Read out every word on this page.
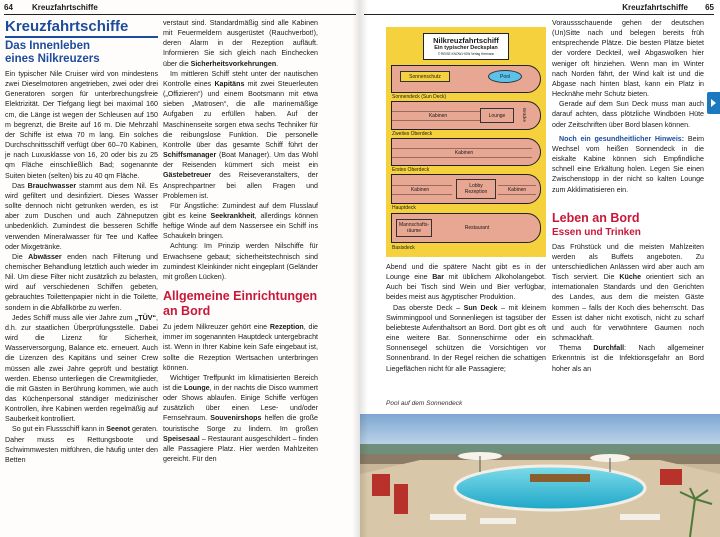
64	Kreuzfahrtschiffe
Kreuzfahrtschiffe
Das Innenleben
eines Nilkreuzers

Ein typischer Nile Cruiser wird von mindestens zwei Dieselmotoren angetrieben, zwei oder drei Generatoren sorgen für unterbrechungsfreie Elektrizität. Der Tiefgang liegt bei maximal 160 cm, die Länge ist wegen der Schleusen auf 150 m begrenzt, die Breite auf 16 m. Die Mehrzahl der Schiffe ist etwa 70 m lang. Ein solches Durchschnittsschiff verfügt über 60–70 Kabinen, je nach Luxusklasse von 16, 20 oder bis zu 25 qm Fläche einschließlich Bad; sogenannte Suiten bieten (selten) bis zu 40 qm Fläche.

Das Brauchwasser stammt aus dem Nil. Es wird gefiltert und desinfiziert. Dieses Wasser sollte dennoch nicht getrunken werden, es ist aber zum Duschen und auch Zähneputzen unbedenklich. Zumindest die besseren Schiffe verwenden Mineralwasser für Tee und Kaffee oder Mixgetränke.

Die Abwässer enden nach Filterung und chemischer Behandlung letztlich auch wieder im Nil. Um diese Filter nicht zusätzlich zu belasten, wird auf verschiedenen Schiffen gebeten, gebrauchtes Toilettenpapier nicht in die Toilette, sondern in die Abfallkörbe zu werfen.

Jedes Schiff muss alle vier Jahre zum „TÜV“, d.h. zur staatlichen Überprüfungsstelle. Dabei wird die Lizenz für Sicherheit, Wasserversorgung, Balance etc. erneuert. Auch die Lizenzen des Kapitäns und seiner Crew müssen alle zwei Jahre geprüft und bestätigt werden. Ebenso unterliegen die Crewmitglieder, die mit Gästen in Berührung kommen, wie auch das Küchenpersonal ständiger medizinischer Kontrollen, ihre Kabinen werden regelmäßig auf Sauberkeit kontrolliert.

So gut ein Flussschiff kann in Seenot geraten. Daher muss es Rettungsboote und Schwimmwesten mitführen, die häufig unter den Betten

verstaut sind. Standardmäßig sind alle Kabinen mit Feuermeldern ausgerüstet (Rauchverbot!), deren Alarm in der Rezeption aufläuft. Informieren Sie sich gleich nach Einchecken über die Sicherheitsvorkehrungen.

Im mittleren Schiff steht unter der nautischen Kontrolle eines Kapitäns mit zwei Steuerleuten („Offizieren“) und einem Bootsmann mit etwa sieben „Matrosen“, die alle marinemäßige Aufgaben zu erfüllen haben. Auf der Maschinenseite sorgen etwa sechs Techniker für die reibungslose Funktion. Die personelle Kontrolle über das gesamte Schiff führt der Schiffsmanager (Boat Manager). Um das Wohl der Reisenden kümmert sich meist ein Gästebetreuer des Reiseveranstalters, der Ansprechpartner bei allen Fragen und Problemen ist.

Für Ängstliche: Zumindest auf dem Flusslauf gibt es keine Seekrankheit, allerdings können heftige Winde auf dem Nassersee ein Schiff ins Schaukeln bringen.

Achtung: Im Prinzip werden Nilschiffe für Erwachsene gebaut; sicherheitstechnisch sind zumindest Kleinkinder nicht eingeplant (Geländer mit großen Lücken).

Allgemeine Einrichtungen
an Bord

Zu jedem Nilkreuzer gehört eine Rezeption, die immer im sogenannten Hauptdeck untergebracht ist. Wenn in Ihrer Kabine kein Safe eingebaut ist, sollte die Rezeption Wertsachen unterbringen können.

Wichtiger Treffpunkt im klimatisierten Bereich ist die Lounge, in der nachts die Disco wummert oder Shows ablaufen. Einige Schiffe verfügen zusätzlich über einen Lese- und/oder Fernsehraum. Souvenirshops helfen die große touristische Sorge zu lindern. Im großen Speisesaal – Restaurant ausgeschildert – finden alle Passagiere Platz. Hier werden Mahlzeiten gereicht. Für den

Kreuzfahrtschiffe	65
Nilkreuzfahrtschiff
Ein typischer Decksplan
© REISE KNOW-HOW Verlag Hermann
Sonnenschutz	Pool
Sonnendeck (Sun Deck)
Kabinen	Lounge	Brücke
Zweites Oberdeck
Kabinen
Erstes Oberdeck
Kabinen
Lobby
Rezeption	Kabinen
Hauptdeck
Mannschafts-
räume	Restaurant
Basisdeck

Abend und die spätere Nacht gibt es in der Lounge eine Bar mit üblichem Alkoholangebot. Auch bei Tisch sind Wein und Bier verfügbar, beides meist aus ägyptischer Produktion.

Das oberste Deck – Sun Deck – mit kleinem Swimmingpool und Sonnenliegen ist tagsüber der beliebteste Aufenthaltsort an Bord. Dort gibt es oft eine weitere Bar. Sonnenschirme oder ein Sonnensegel schützen die Vorsichtigen vor Sonnenbrand. In der Regel reichen die schattigen Liegeflächen nicht für alle Passagiere;

Pool auf dem Sonnendeck

Voraussschauende gehen der deutschen (Un)Sitte nach und belegen bereits früh entsprechende Plätze. Die besten Plätze bietet der vordere Deckteil, weil Abgaswolken hier weniger oft hinziehen. Wenn man im Winter nach Norden fährt, der Wind kalt ist und die Abgase nach hinten blast, kann ein Platz in Hecknähe mehr Schutz bieten.

Gerade auf dem Sun Deck muss man auch darauf achten, dass plötzliche Windböen Hüte oder Zeitschriften über Bord blasen können.

Noch ein gesundheitlicher Hinweis: Beim Wechsel vom heißen Sonnendeck in die eiskalte Kabine können sich Empfindliche schnell eine Erkältung holen. Legen Sie einen Zwischenstopp in der nicht so kalten Lounge zum Akklimatisieren ein.

Leben an Bord
Essen und Trinken

Das Frühstück und die meisten Mahlzeiten werden als Buffets angeboten. Zu unterschiedlichen Anlässen wird aber auch am Tisch serviert. Die Küche orientiert sich an internationalen Standards und den Gerichten des Landes, aus dem die meisten Gäste kommen – falls der Koch dies beherrscht. Das Essen ist daher nicht exotisch, nicht zu scharf und auch für verwöhntere Gaumen noch schmackhaft.

Thema Durchfall: Nach allgemeiner Erkenntnis ist die Infektionsgefahr an Bord hoher als an
